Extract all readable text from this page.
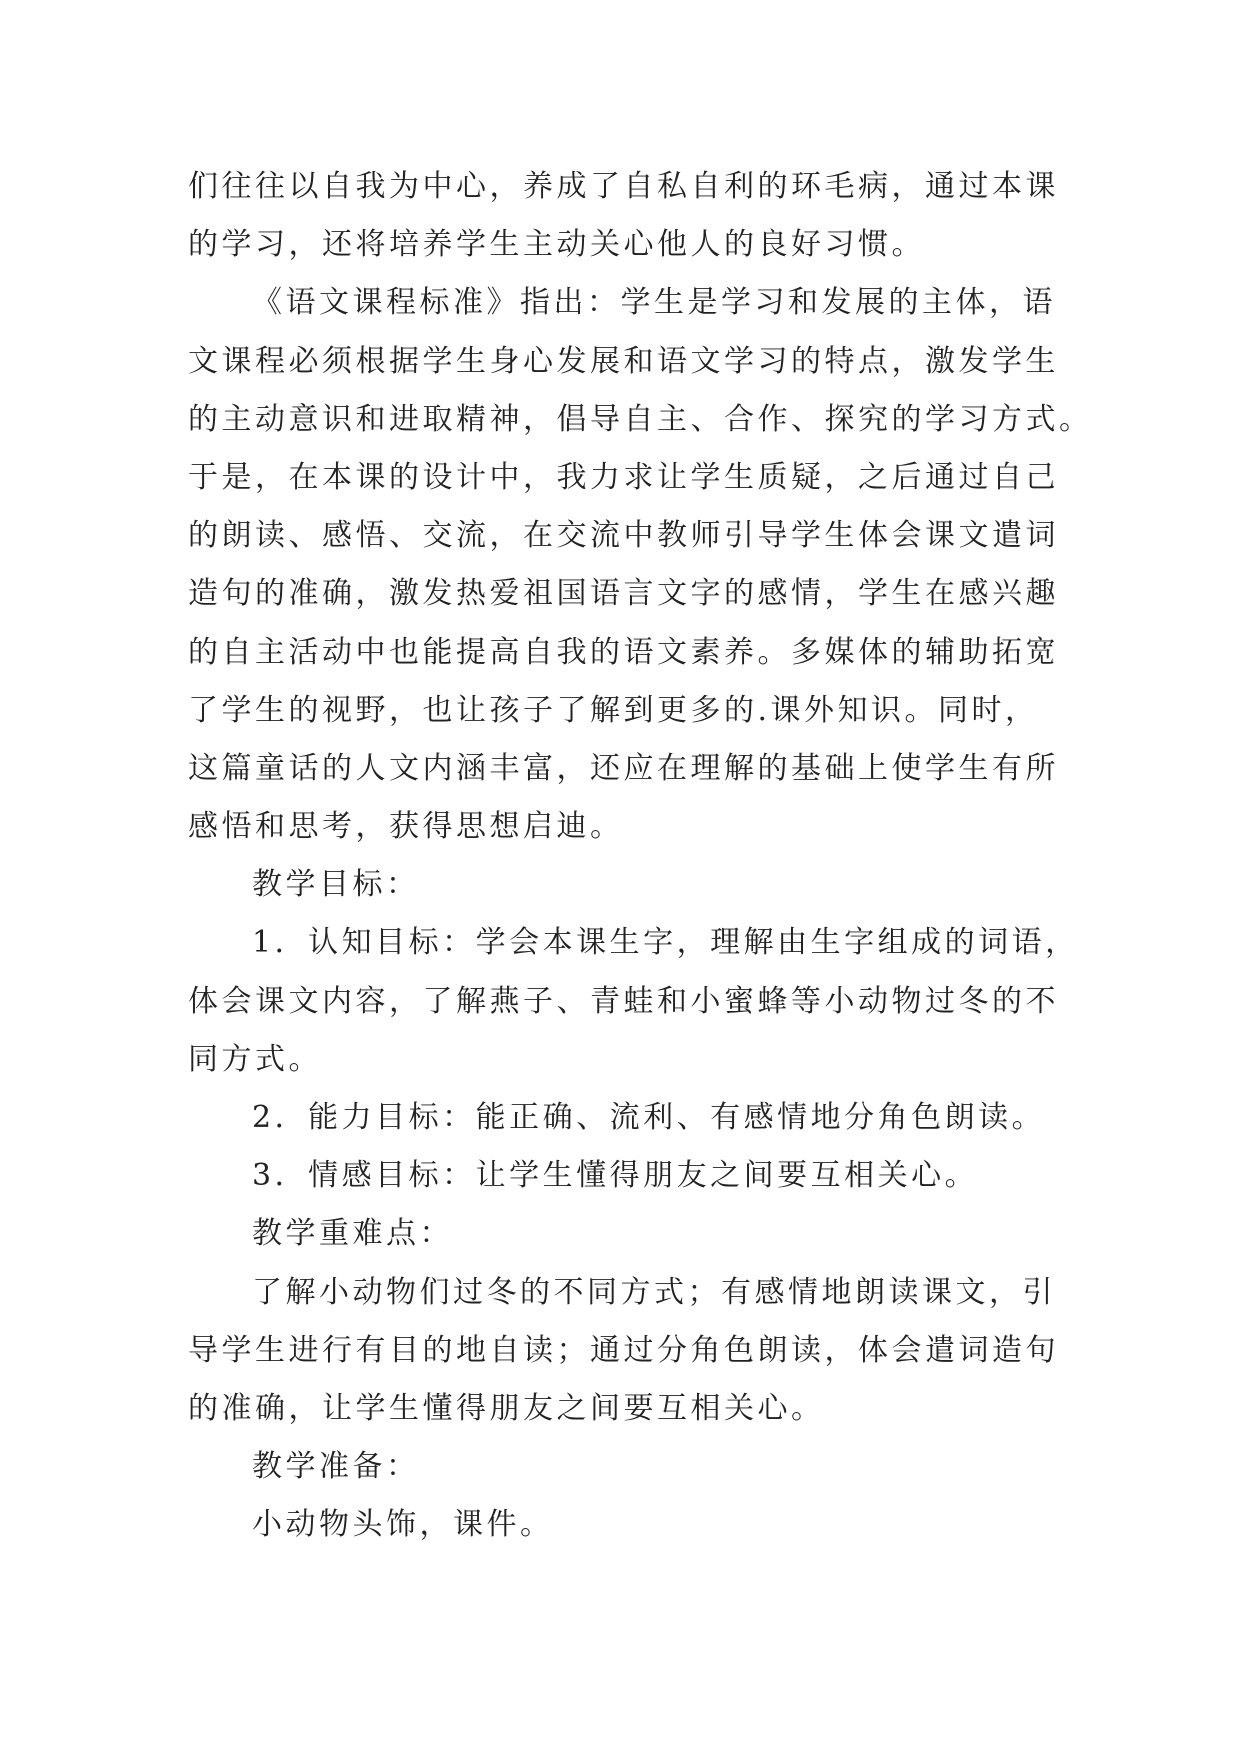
们往往以自我为中心，养成了自私自利的环毛病，通过本课
的学习，还将培养学生主动关心他人的良好习惯。
《语文课程标准》指出：学生是学习和发展的主体，语
文课程必须根据学生身心发展和语文学习的特点，激发学生
的主动意识和进取精神，倡导自主、合作、探究的学习方式。
于是，在本课的设计中，我力求让学生质疑，之后通过自己
的朗读、感悟、交流，在交流中教师引导学生体会课文遣词
造句的准确，激发热爱祖国语言文字的感情，学生在感兴趣
的自主活动中也能提高自我的语文素养。多媒体的辅助拓宽
了学生的视野，也让孩子了解到更多的.课外知识。同时，
这篇童话的人文内涵丰富，还应在理解的基础上使学生有所
感悟和思考，获得思想启迪。
教学目标：
1．认知目标：学会本课生字，理解由生字组成的词语，
体会课文内容，了解燕子、青蛙和小蜜蜂等小动物过冬的不
同方式。
2．能力目标：能正确、流利、有感情地分角色朗读。
3．情感目标：让学生懂得朋友之间要互相关心。
教学重难点：
了解小动物们过冬的不同方式；有感情地朗读课文，引
导学生进行有目的地自读；通过分角色朗读，体会遣词造句
的准确，让学生懂得朋友之间要互相关心。
教学准备：
小动物头饰，课件。
